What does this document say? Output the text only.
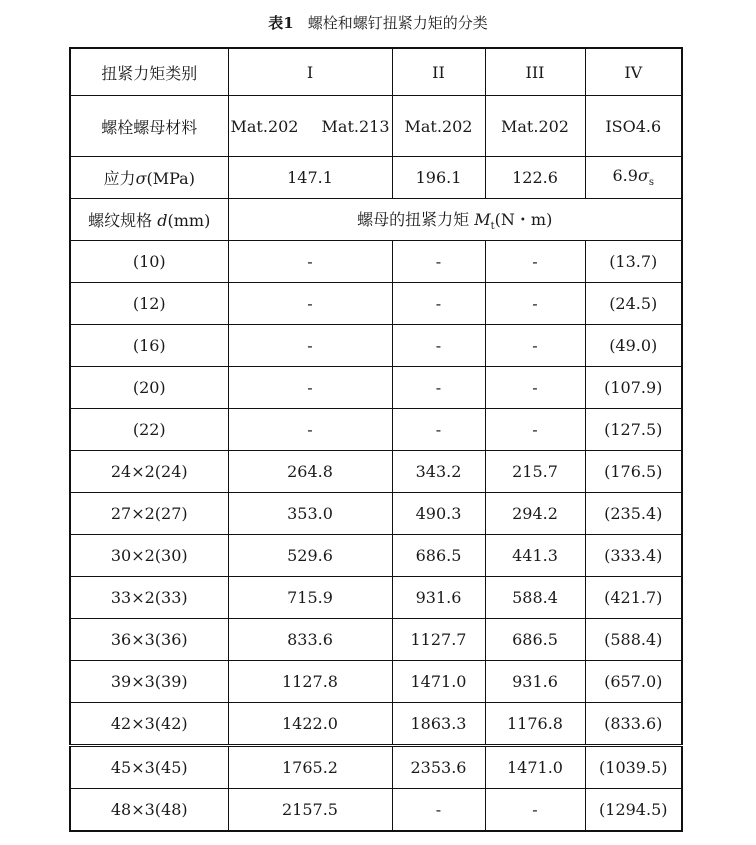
表1 螺栓和螺钉扭紧力矩的分类
扭紧力矩类别	I	II	III	IV
螺栓螺母材料	Mat.202 Mat.213	Mat.202	Mat.202	ISO4.6
应力σ(MPa)	147.1	196.1	122.6	$6.9\sigma_s$
螺纹规格 d(mm)	螺母的扭紧力矩 $M_t(N$・m)			
(10)	-	-	-	(13.7)
(12)	-	-	-	(24.5)
(16)	-	-	-	(49.0)
(20)	-	-	-	(107.9)
(22)	-	-	-	(127.5)
24×2(24)	264.8	343.2	215.7	(176.5)
27×2(27)	353.0	490.3	294.2	(235.4)
30×2(30)	529.6	686.5	441.3	(333.4)
33×2(33)	715.9	931.6	588.4	(421.7)
36×3(36)	833.6	1127.7	686.5	(588.4)
39×3(39)	1127.8	1471.0	931.6	(657.0)
42×3(42)	1422.0	1863.3	1176.8	(833.6)
45×3(45)	1765.2	2353.6	1471.0	(1039.5)
48×3(48)	2157.5	-	-	(1294.5)
